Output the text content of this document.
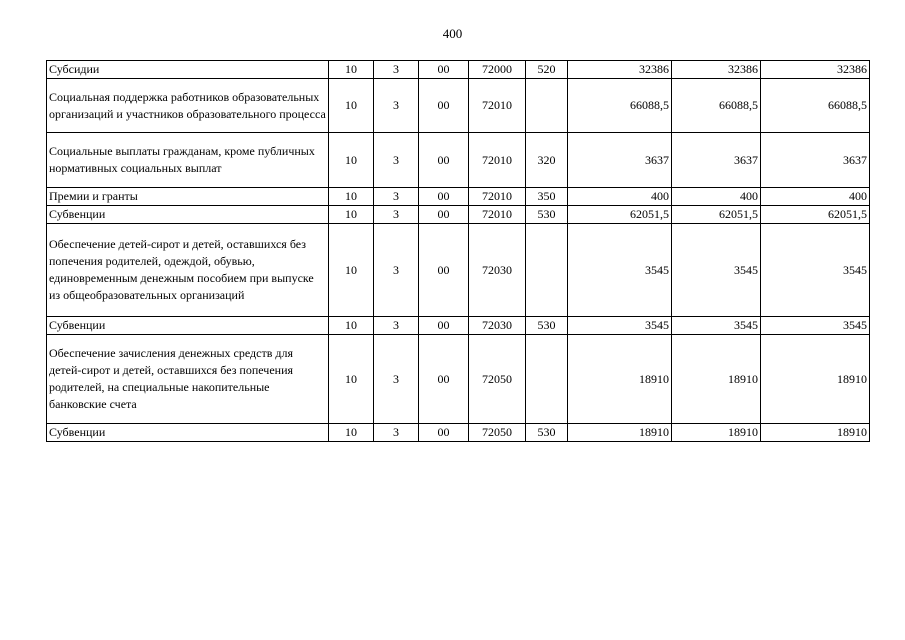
400
Субсидии	10	3	00	72000	520	32386	32386	32386
Социальная поддержка работников образовательных организаций и участников образовательного процесса	10	3	00	72010		66088,5	66088,5	66088,5
Социальные выплаты гражданам, кроме публичных нормативных социальных выплат	10	3	00	72010	320	3637	3637	3637
Премии и гранты	10	3	00	72010	350	400	400	400
Субвенции	10	3	00	72010	530	62051,5	62051,5	62051,5
Обеспечение детей-сирот и детей, оставшихся без попечения родителей, одеждой, обувью, единовременным денежным пособием при выпуске из общеобразовательных организаций	10	3	00	72030		3545	3545	3545
Субвенции	10	3	00	72030	530	3545	3545	3545
Обеспечение зачисления денежных средств для детей-сирот и детей, оставшихся без попечения родителей, на специальные накопительные банковские счета	10	3	00	72050		18910	18910	18910
Субвенции	10	3	00	72050	530	18910	18910	18910
